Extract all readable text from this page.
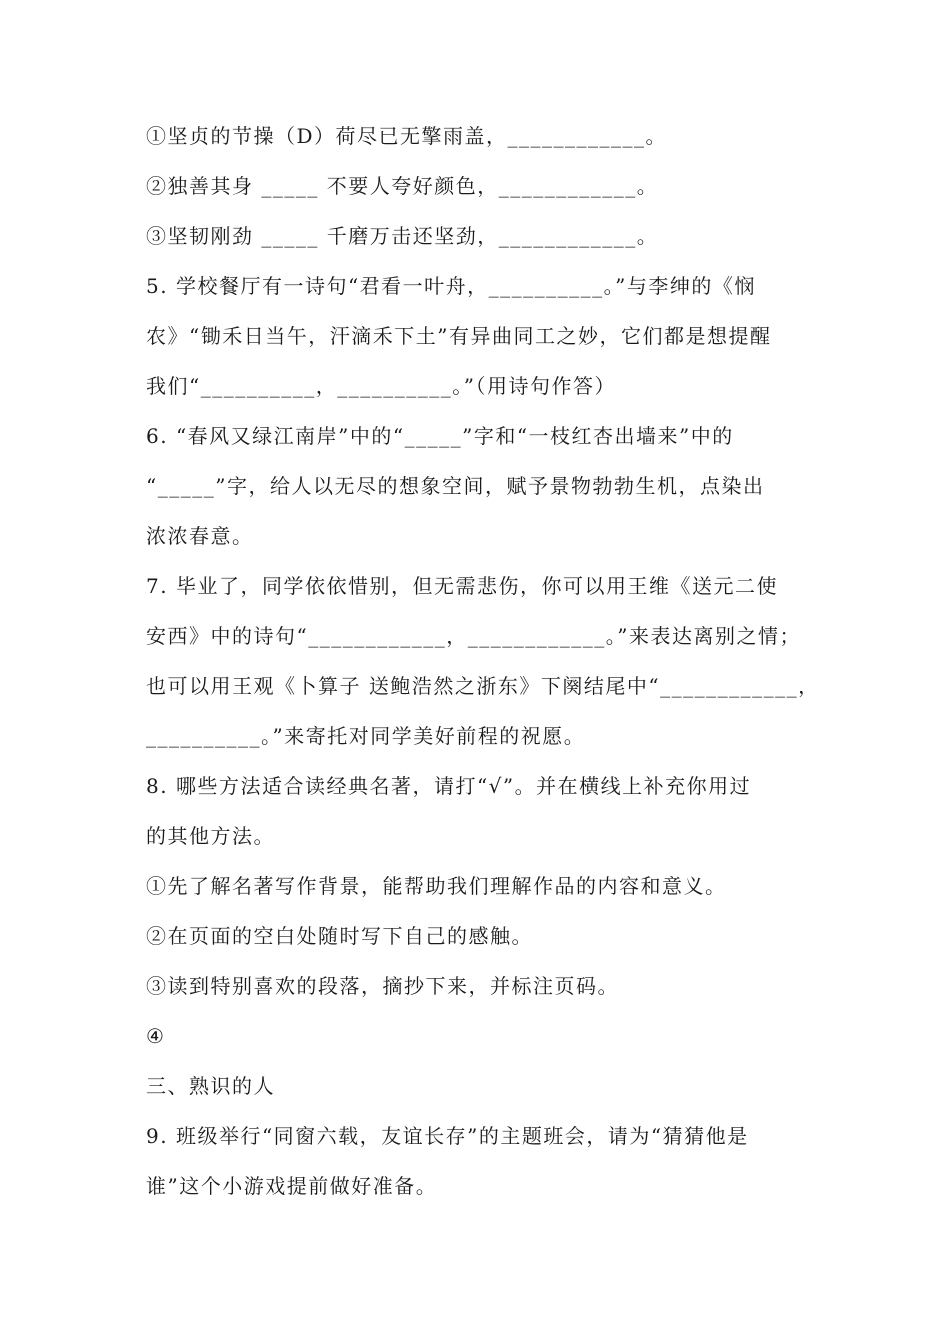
①坚贞的节操（D）荷尽已无擎雨盖，____________。
②独善其身 _____ 不要人夸好颜色，____________。
③坚韧刚劲 _____ 千磨万击还坚劲，____________。
5. 学校餐厅有一诗句“君看一叶舟，__________。”与李绅的《悯
农》“锄禾日当午，汗滴禾下土”有异曲同工之妙，它们都是想提醒
我们“__________，__________。”（用诗句作答）
6. “春风又绿江南岸”中的“_____”字和“一枝红杏出墙来”中的
“_____”字，给人以无尽的想象空间，赋予景物勃勃生机，点染出
浓浓春意。
7. 毕业了，同学依依惜别，但无需悲伤，你可以用王维《送元二使
安西》中的诗句“____________，____________。”来表达离别之情；
也可以用王观《卜算子 送鲍浩然之浙东》下阕结尾中“____________，
__________。”来寄托对同学美好前程的祝愿。
8. 哪些方法适合读经典名著，请打“√”。并在横线上补充你用过
的其他方法。
①先了解名著写作背景，能帮助我们理解作品的内容和意义。
②在页面的空白处随时写下自己的感触。
③读到特别喜欢的段落，摘抄下来，并标注页码。
④
三、熟识的人
9. 班级举行“同窗六载，友谊长存”的主题班会，请为“猜猜他是
谁”这个小游戏提前做好准备。
